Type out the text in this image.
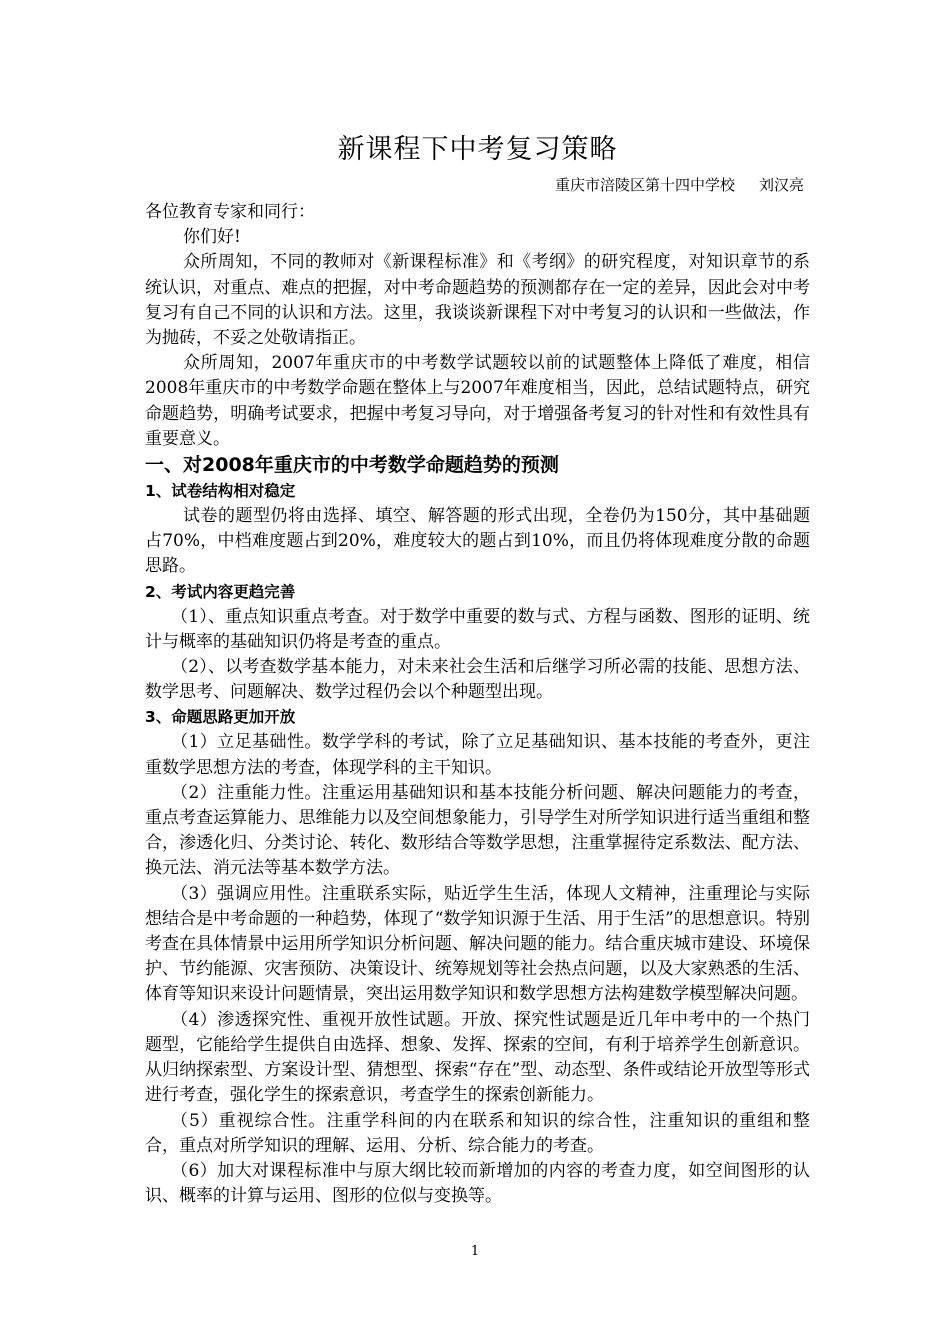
新课程下中考复习策略
重庆市涪陵区第十四中学校 刘汉亮

各位教育专家和同行：

你们好!

众所周知，不同的教师对《新课程标准》和《考纲》的研究程度，对知识章节的系统认识，对重点、难点的把握，对中考命题趋势的预测都存在一定的差异，因此会对中考复习有自己不同的认识和方法。这里，我谈谈新课程下对中考复习的认识和一些做法，作为抛砖，不妥之处敬请指正。

众所周知，2007年重庆市的中考数学试题较以前的试题整体上降低了难度，相信2008年重庆市的中考数学命题在整体上与2007年难度相当，因此，总结试题特点，研究命题趋势，明确考试要求，把握中考复习导向，对于增强备考复习的针对性和有效性具有重要意义。

一、对2008年重庆市的中考数学命题趋势的预测
1、试卷结构相对稳定

试卷的题型仍将由选择、填空、解答题的形式出现，全卷仍为150分，其中基础题占70%，中档难度题占到20%，难度较大的题占到10%，而且仍将体现难度分散的命题思路。

2、考试内容更趋完善

（1）、重点知识重点考查。对于数学中重要的数与式、方程与函数、图形的证明、统计与概率的基础知识仍将是考查的重点。

（2）、以考查数学基本能力，对未来社会生活和后继学习所必需的技能、思想方法、数学思考、问题解决、数学过程仍会以个种题型出现。

3、命题思路更加开放

（1）立足基础性。数学学科的考试，除了立足基础知识、基本技能的考查外，更注重数学思想方法的考查，体现学科的主干知识。

（2）注重能力性。注重运用基础知识和基本技能分析问题、解决问题能力的考查，重点考查运算能力、思维能力以及空间想象能力，引导学生对所学知识进行适当重组和整合，渗透化归、分类讨论、转化、数形结合等数学思想，注重掌握待定系数法、配方法、换元法、消元法等基本数学方法。

（3）强调应用性。注重联系实际，贴近学生生活，体现人文精神，注重理论与实际想结合是中考命题的一种趋势，体现了“数学知识源于生活、用于生活”的思想意识。特别考查在具体情景中运用所学知识分析问题、解决问题的能力。结合重庆城市建设、环境保护、节约能源、灾害预防、决策设计、统筹规划等社会热点问题，以及大家熟悉的生活、体育等知识来设计问题情景，突出运用数学知识和数学思想方法构建数学模型解决问题。

（4）渗透探究性、重视开放性试题。开放、探究性试题是近几年中考中的一个热门题型，它能给学生提供自由选择、想象、发挥、探索的空间，有利于培养学生创新意识。从归纳探索型、方案设计型、猜想型、探索“存在”型、动态型、条件或结论开放型等形式进行考查，强化学生的探索意识，考查学生的探索创新能力。

（5）重视综合性。注重学科间的内在联系和知识的综合性，注重知识的重组和整合，重点对所学知识的理解、运用、分析、综合能力的考查。

（6）加大对课程标准中与原大纲比较而新增加的内容的考查力度，如空间图形的认识、概率的计算与运用、图形的位似与变换等。

1
